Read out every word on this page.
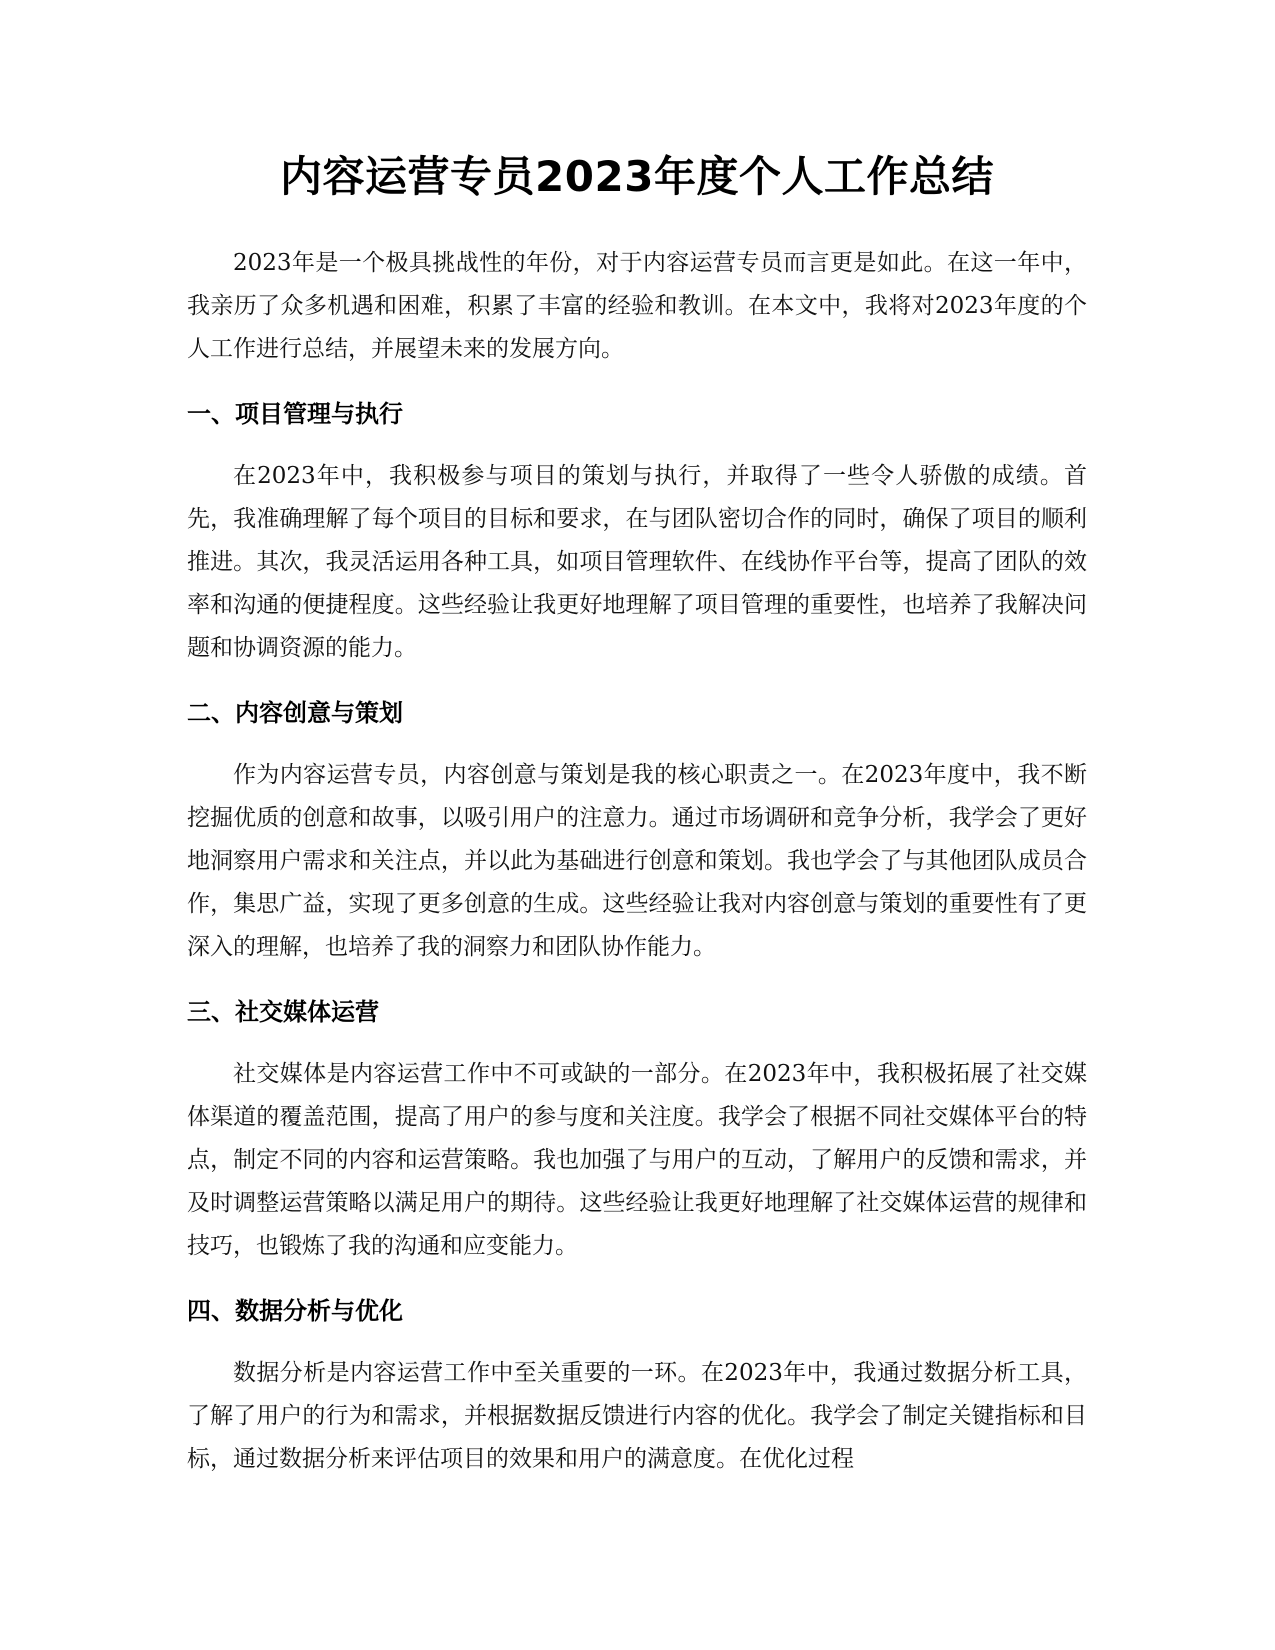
内容运营专员2023年度个人工作总结

2023年是一个极具挑战性的年份，对于内容运营专员而言更是如此。在这一年中，我亲历了众多机遇和困难，积累了丰富的经验和教训。在本文中，我将对2023年度的个人工作进行总结，并展望未来的发展方向。

一、项目管理与执行

在2023年中，我积极参与项目的策划与执行，并取得了一些令人骄傲的成绩。首先，我准确理解了每个项目的目标和要求，在与团队密切合作的同时，确保了项目的顺利推进。其次，我灵活运用各种工具，如项目管理软件、在线协作平台等，提高了团队的效率和沟通的便捷程度。这些经验让我更好地理解了项目管理的重要性，也培养了我解决问题和协调资源的能力。

二、内容创意与策划

作为内容运营专员，内容创意与策划是我的核心职责之一。在2023年度中，我不断挖掘优质的创意和故事，以吸引用户的注意力。通过市场调研和竞争分析，我学会了更好地洞察用户需求和关注点，并以此为基础进行创意和策划。我也学会了与其他团队成员合作，集思广益，实现了更多创意的生成。这些经验让我对内容创意与策划的重要性有了更深入的理解，也培养了我的洞察力和团队协作能力。

三、社交媒体运营

社交媒体是内容运营工作中不可或缺的一部分。在2023年中，我积极拓展了社交媒体渠道的覆盖范围，提高了用户的参与度和关注度。我学会了根据不同社交媒体平台的特点，制定不同的内容和运营策略。我也加强了与用户的互动，了解用户的反馈和需求，并及时调整运营策略以满足用户的期待。这些经验让我更好地理解了社交媒体运营的规律和技巧，也锻炼了我的沟通和应变能力。

四、数据分析与优化

数据分析是内容运营工作中至关重要的一环。在2023年中，我通过数据分析工具，了解了用户的行为和需求，并根据数据反馈进行内容的优化。我学会了制定关键指标和目标，通过数据分析来评估项目的效果和用户的满意度。在优化过程
